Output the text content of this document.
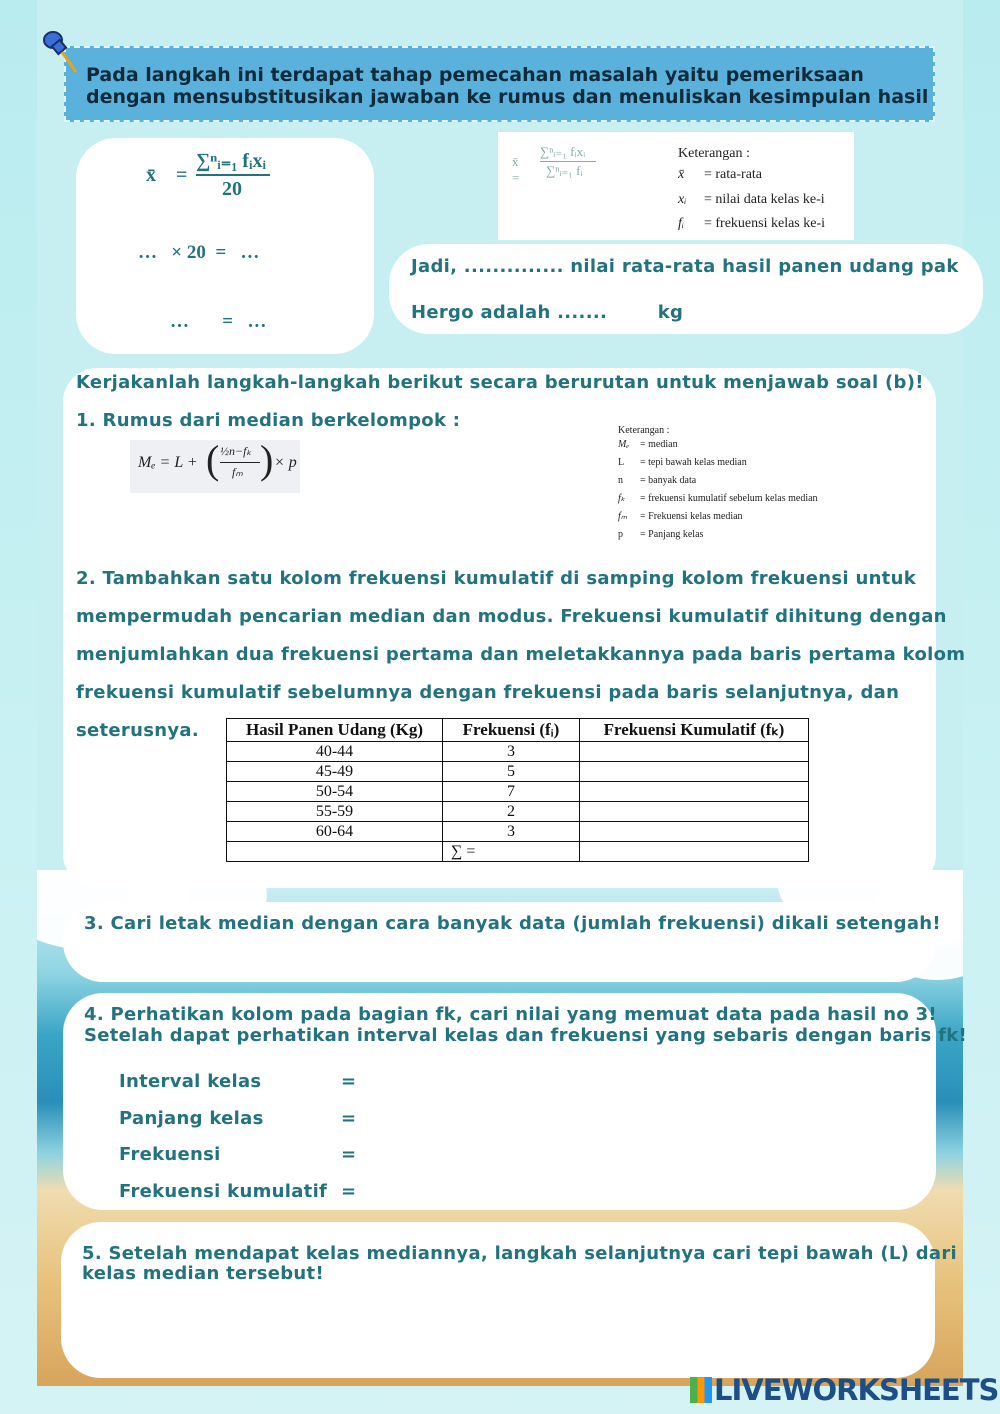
Pada langkah ini terdapat tahap pemecahan masalah yaitu pemeriksaan
dengan mensubstitusikan jawaban ke rumus dan menuliskan kesimpulan hasil

x̄ =
∑ⁿᵢ₌₁ fᵢxᵢ
20
…   × 20  =   …
…       =   …
x̄ =
∑ⁿᵢ₌₁ fᵢxᵢ
∑ⁿᵢ₌₁ fᵢ
Keterangan :
x̄ = rata-rata
xᵢ = nilai data kelas ke-i
fᵢ = frekuensi kelas ke-i
Jadi, .............. nilai rata-rata hasil panen udang pak
Hergo adalah .......	kg
Kerjakanlah langkah-langkah berikut secara berurutan untuk menjawab soal (b)!
1. Rumus dari median berkelompok :
Mₑ = L + ( ½n−fₖ
fₘ ) × p
Keterangan :
Mₑ = median
L = tepi bawah kelas median
n = banyak data
fₖ = frekuensi kumulatif sebelum kelas median
fₘ = Frekuensi kelas median
p = Panjang kelas
2. Tambahkan satu kolom frekuensi kumulatif di samping kolom frekuensi untuk
mempermudah pencarian median dan modus. Frekuensi kumulatif dihitung dengan
menjumlahkan dua frekuensi pertama dan meletakkannya pada baris pertama kolom
frekuensi kumulatif sebelumnya dengan frekuensi pada baris selanjutnya, dan
seterusnya.	Hasil Panen Udang (Kg)	Frekuensi (fᵢ)	Frekuensi Kumulatif (fₖ)
40-44	3	
45-49	5	
50-54	7	
55-59	2	
60-64	3	
	∑ =	
3. Cari letak median dengan cara banyak data (jumlah frekuensi) dikali setengah!
4. Perhatikan kolom pada bagian fk, cari nilai yang memuat data pada hasil no 3!
Setelah dapat perhatikan interval kelas dan frekuensi yang sebaris dengan baris fk!
Interval kelas	=
Panjang kelas	=
Frekuensi	=
Frekuensi kumulatif =
5. Setelah mendapat kelas mediannya, langkah selanjutnya cari tepi bawah (L) dari
kelas median tersebut!
LIVEWORKSHEETS
